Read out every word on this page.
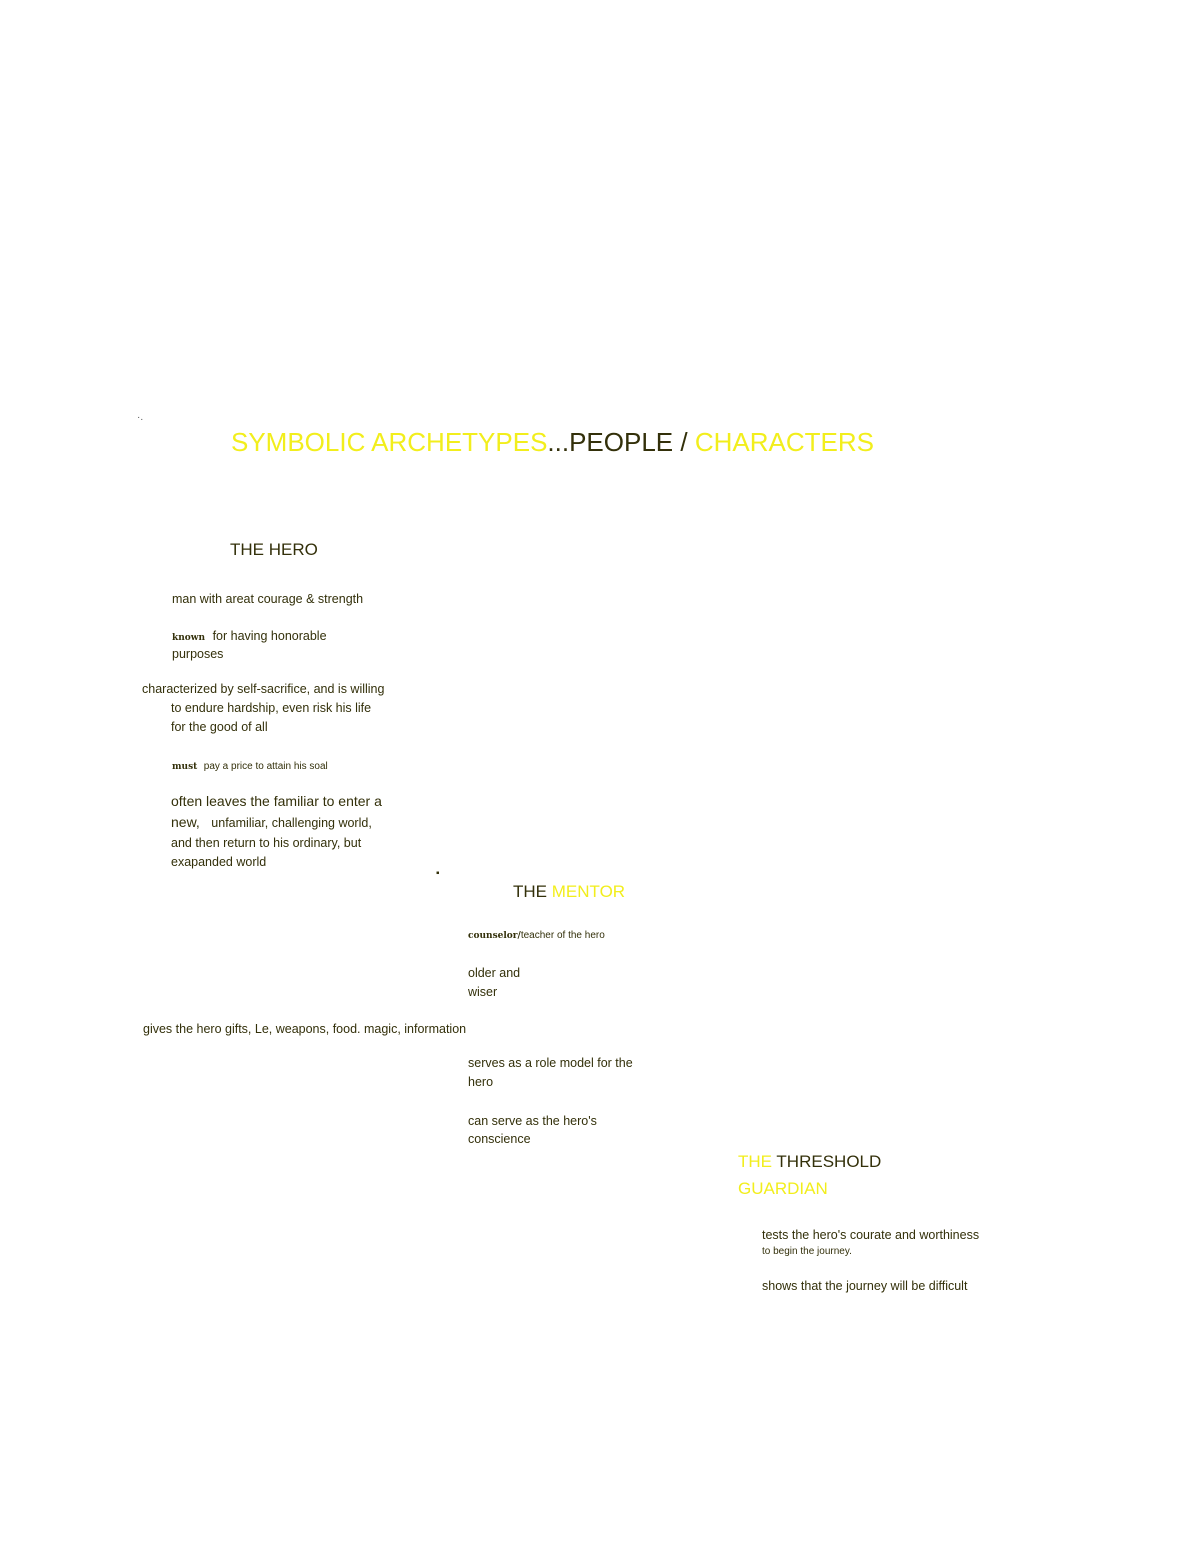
·.
SYMBOLIC ARCHETYPES...PEOPLE / CHARACTERS
THE HERO
man with areat courage & strength
known for having honorable
purposes
characterized by self-sacrifice, and is willing
to endure hardship, even risk his life
for the good of all
must pay a price to attain his soal
often leaves the familiar to enter a
new, unfamiliar, challenging world,
and then return to his ordinary, but
exapanded world
▪
THE MENTOR
counselor/teacher of the hero
older and
wiser
gives the hero gifts, Le, weapons, food. magic, information
serves as a role model for the
hero
can serve as the hero's
conscience
THE THRESHOLD
GUARDIAN
tests the hero's courate and worthiness
to begin the journey.
shows that the journey will be difficult
